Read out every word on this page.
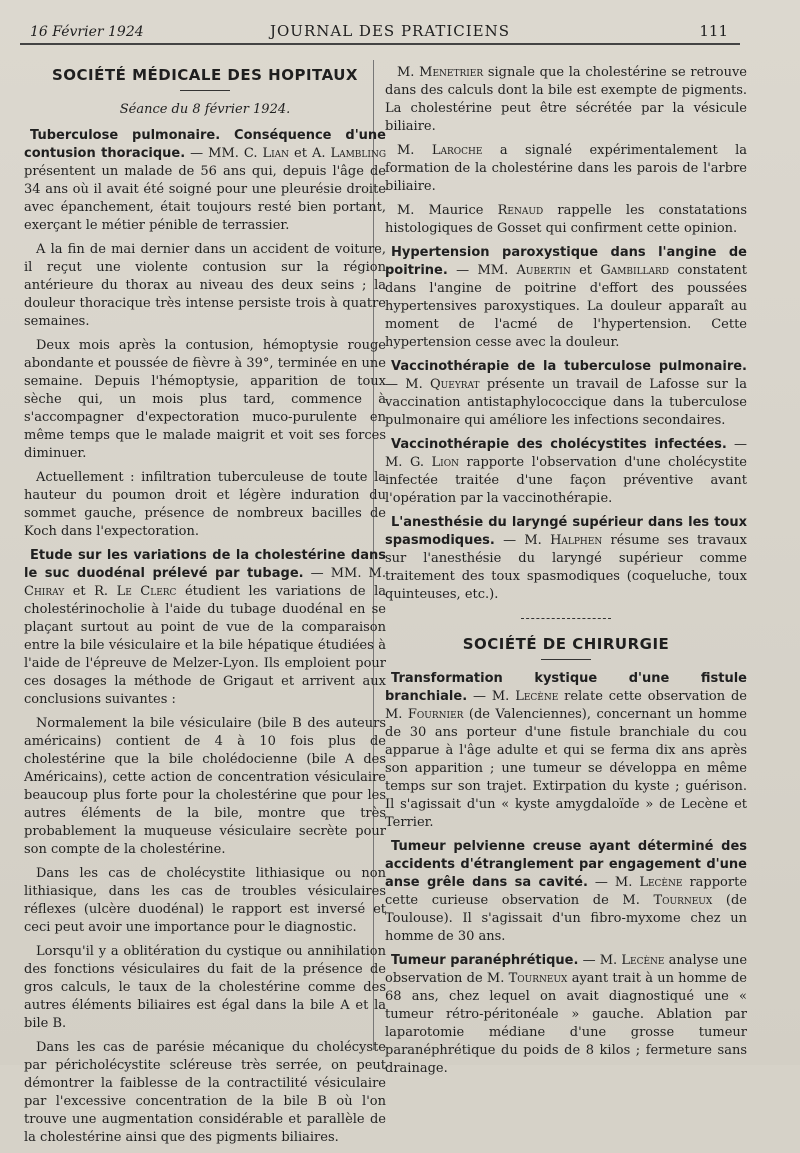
16 Février 1924	JOURNAL DES PRATICIENS	111
SOCIÉTÉ MÉDICALE DES HOPITAUX
Séance du 8 février 1924.

Tuberculose pulmonaire. Conséquence d'une contusion thoracique. — MM. C. Lian et A. Lambling présentent un malade de 56 ans qui, depuis l'âge de 34 ans où il avait été soigné pour une pleurésie droite avec épanchement, était toujours resté bien portant, exerçant le métier pénible de terrassier.

A la fin de mai dernier dans un accident de voiture, il reçut une violente contusion sur la région antérieure du thorax au niveau des deux seins ; la douleur thoracique très intense persiste trois à quatre semaines.

Deux mois après la contusion, hémoptysie rouge abondante et poussée de fièvre à 39°, terminée en une semaine. Depuis l'hémoptysie, apparition de toux sèche qui, un mois plus tard, commence à s'accompagner d'expectoration muco-purulente en même temps que le malade maigrit et voit ses forces diminuer.

Actuellement : infiltration tuberculeuse de toute la hauteur du poumon droit et légère induration du sommet gauche, présence de nombreux bacilles de Koch dans l'expectoration.

Etude sur les variations de la cholestérine dans le suc duodénal prélevé par tubage. — MM. M. Chiray et R. Le Clerc étudient les variations de la cholestérinocholie à l'aide du tubage duodénal en se plaçant surtout au point de vue de la comparaison entre la bile vésiculaire et la bile hépatique étudiées à l'aide de l'épreuve de Melzer-Lyon. Ils emploient pour ces dosages la méthode de Grigaut et arrivent aux conclusions suivantes :

Normalement la bile vésiculaire (bile B des auteurs américains) contient de 4 à 10 fois plus de cholestérine que la bile cholédocienne (bile A des Américains), cette action de concentration vésiculaire beaucoup plus forte pour la cholestérine que pour les autres éléments de la bile, montre que très probablement la muqueuse vésiculaire secrète pour son compte de la cholestérine.

Dans les cas de cholécystite lithiasique ou non lithiasique, dans les cas de troubles vésiculaires réflexes (ulcère duodénal) le rapport est inversé et ceci peut avoir une importance pour le diagnostic.

Lorsqu'il y a oblitération du cystique ou annihilation des fonctions vésiculaires du fait de la présence de gros calculs, le taux de la cholestérine comme des autres éléments biliaires est égal dans la bile A et la bile B.

Dans les cas de parésie mécanique du cholécyste par péricholécystite scléreuse très serrée, on peut démontrer la faiblesse de la contractilité vésiculaire par l'excessive concentration de la bile B où l'on trouve une augmentation considérable et parallèle de la cholestérine ainsi que des pigments biliaires.

M. Menetrier signale que la cholestérine se retrouve dans des calculs dont la bile est exempte de pigments. La cholestérine peut être sécrétée par la vésicule biliaire.

M. Laroche a signalé expérimentalement la formation de la cholestérine dans les parois de l'arbre biliaire.

M. Maurice Renaud rappelle les constatations histologiques de Gosset qui confirment cette opinion.

Hypertension paroxystique dans l'angine de poitrine. — MM. Aubertin et Gambillard constatent dans l'angine de poitrine d'effort des poussées hypertensives paroxystiques. La douleur apparaît au moment de l'acmé de l'hypertension. Cette hypertension cesse avec la douleur.

Vaccinothérapie de la tuberculose pulmonaire. — M. Queyrat présente un travail de Lafosse sur la vaccination antistaphylococcique dans la tuberculose pulmonaire qui améliore les infections secondaires.

Vaccinothérapie des cholécystites infectées. — M. G. Lion rapporte l'observation d'une cholécystite infectée traitée d'une façon préventive avant l'opération par la vaccinothérapie.

L'anesthésie du laryngé supérieur dans les toux spasmodiques. — M. Halphen résume ses travaux sur l'anesthésie du laryngé supérieur comme traitement des toux spasmodiques (coqueluche, toux quinteuses, etc.).

SOCIÉTÉ DE CHIRURGIE

Transformation kystique d'une fistule branchiale. — M. Lecène relate cette observation de M. Fournier (de Valenciennes), concernant un homme de 30 ans porteur d'une fistule branchiale du cou apparue à l'âge adulte et qui se ferma dix ans après son apparition ; une tumeur se développa en même temps sur son trajet. Extirpation du kyste ; guérison. Il s'agissait d'un « kyste amygdaloïde » de Lecène et Terrier.

Tumeur pelvienne creuse ayant déterminé des accidents d'étranglement par engagement d'une anse grêle dans sa cavité. — M. Lecène rapporte cette curieuse observation de M. Tourneux (de Toulouse). Il s'agissait d'un fibro-myxome chez un homme de 30 ans.

Tumeur paranéphrétique. — M. Lecène analyse une observation de M. Tourneux ayant trait à un homme de 68 ans, chez lequel on avait diagnostiqué une « tumeur rétro-péritonéale » gauche. Ablation par laparotomie médiane d'une grosse tumeur paranéphrétique du poids de 8 kilos ; fermeture sans drainage.
